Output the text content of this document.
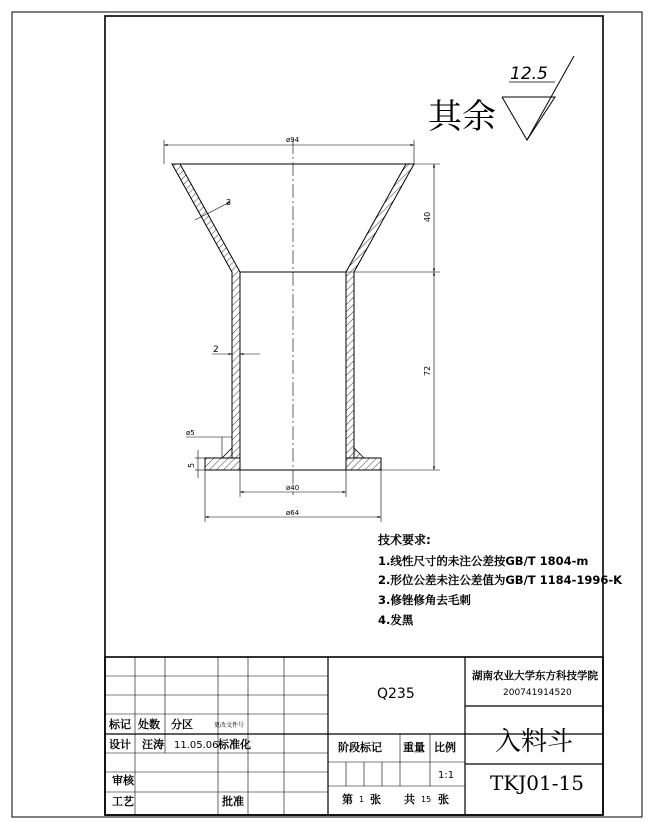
其余
12.5
ø94
40
72
3
2
ø5
5
ø40
ø64
技术要求:
1.线性尺寸的未注公差按GB/T 1804-m
2.形位公差未注公差值为GB/T 1184-1996-K
3.修锉修角去毛刺
4.发黑
标记 处数 分区	更改文件号
设计 汪涛 11.05.06 标准化
审核
工艺	批准
Q235
湖南农业大学东方科技学院
200741914520
入料斗
TKJ01-15
阶段标记 重量 比例
1:1
第 1 张 共 15 张
